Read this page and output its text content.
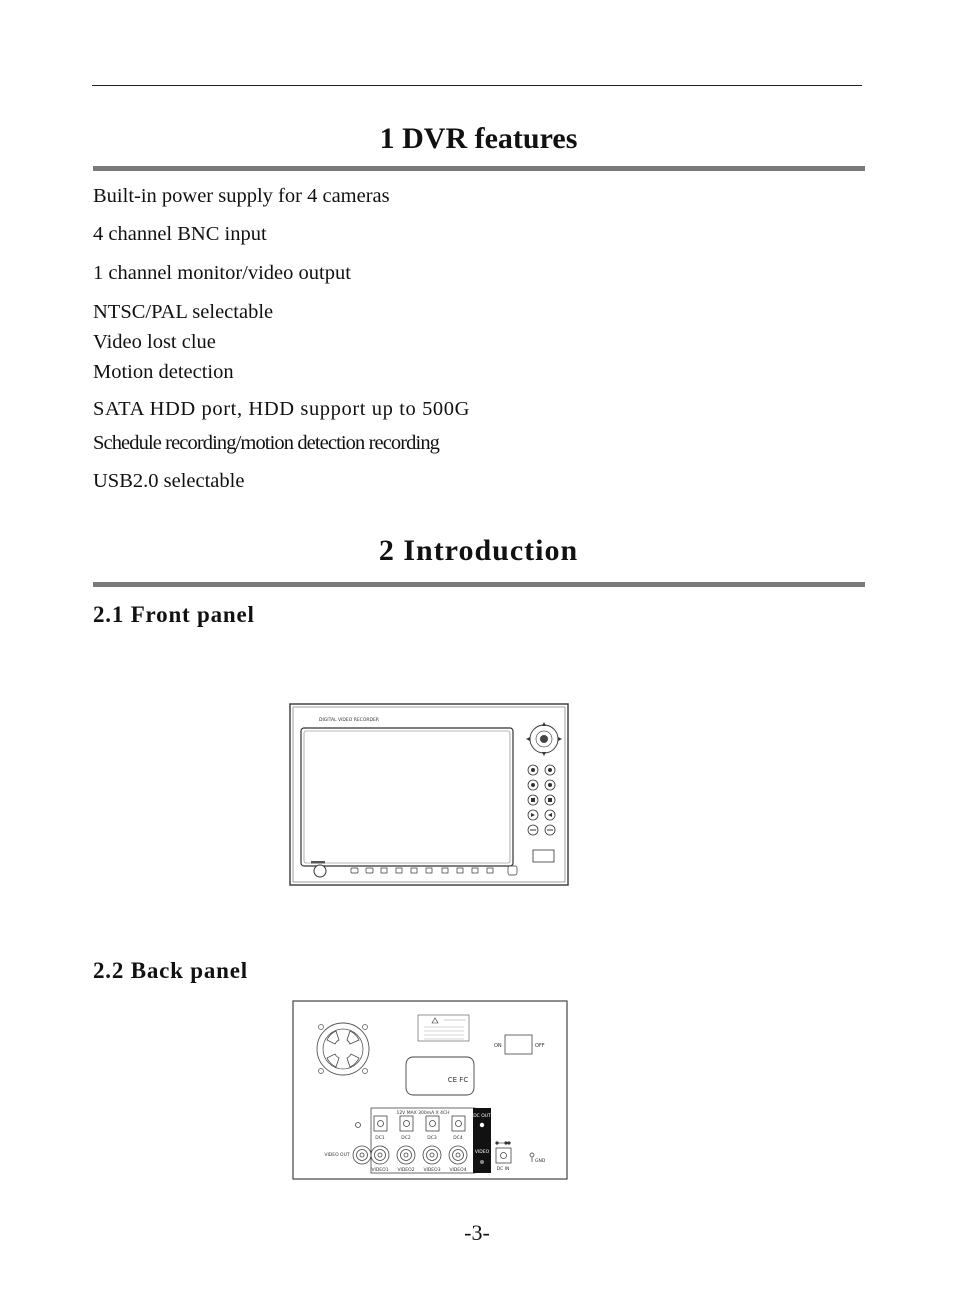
1 DVR features
Built-in power supply for 4 cameras
4 channel BNC input
1 channel monitor/video output
NTSC/PAL selectable
Video lost clue
Motion detection
SATA HDD port, HDD support up to 500G
Schedule recording/motion detection recording
USB2.0 selectable
2 Introduction
2.1 Front panel
DIGITAL VIDEO RECORDER
2.2 Back panel
ON	OFF
CE FC
12V MAX 300mA X 4CH
DC1	DC2	DC3	DC4
VIDEO1 VIDEO2 VIDEO3 VIDEO4
DC OUT
VIDEO
VIDEO OUT
DC IN
GND
-3-
